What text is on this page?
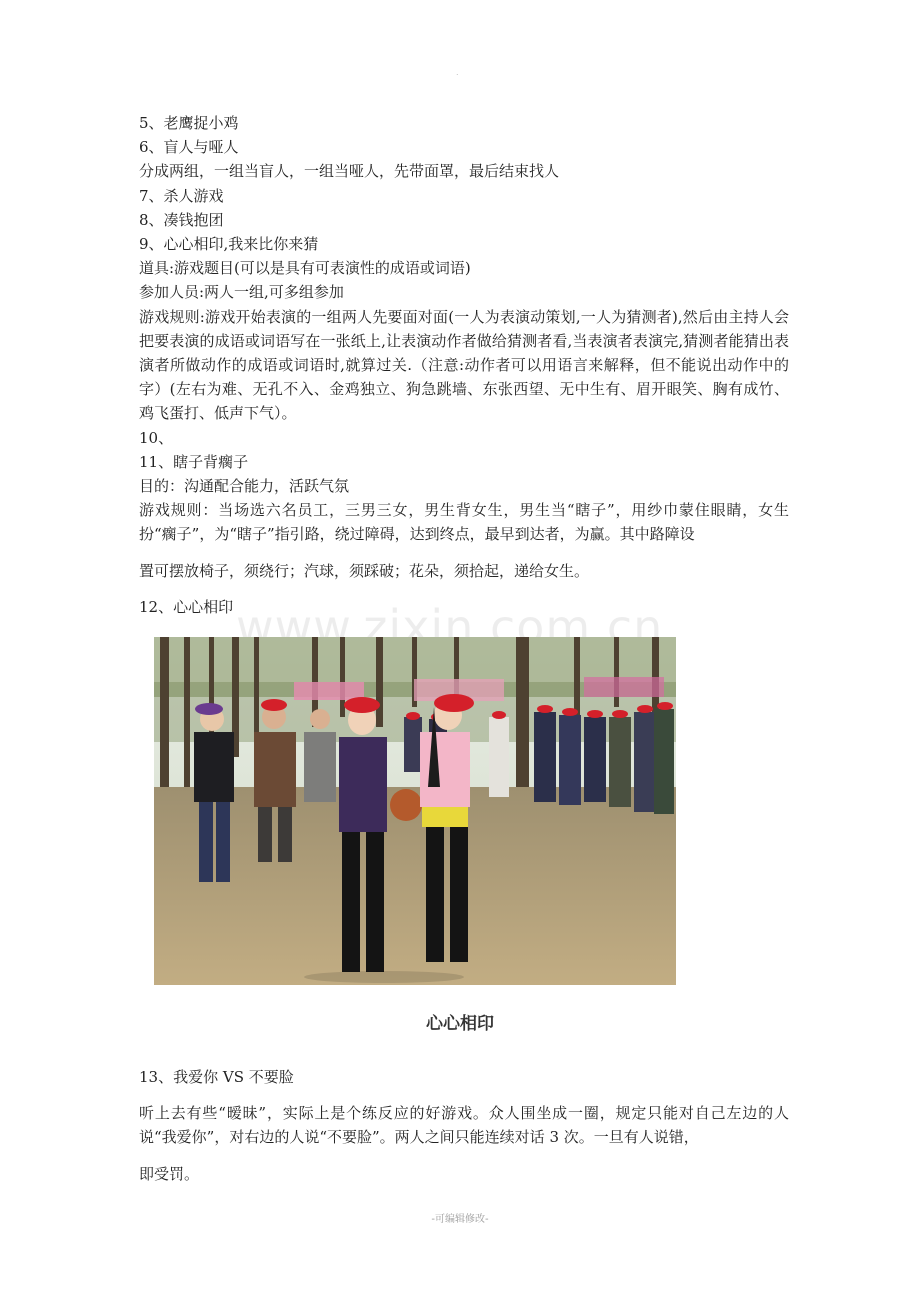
.

5、老鹰捉小鸡

6、盲人与哑人

分成两组，一组当盲人，一组当哑人，先带面罩，最后结束找人

7、杀人游戏

8、凑钱抱团

9、心心相印,我来比你来猜

道具:游戏题目(可以是具有可表演性的成语或词语)

参加人员:两人一组,可多组参加

游戏规则:游戏开始表演的一组两人先要面对面(一人为表演动策划,一人为猜测者),然后由主持人会把要表演的成语或词语写在一张纸上,让表演动作者做给猜测者看,当表演者表演完,猜测者能猜出表演者所做动作的成语或词语时,就算过关.（注意:动作者可以用语言来解释，但不能说出动作中的字）(左右为难、无孔不入、金鸡独立、狗急跳墙、东张西望、无中生有、眉开眼笑、胸有成竹、鸡飞蛋打、低声下气）。

10、

11、瞎子背瘸子

目的：沟通配合能力，活跃气氛

游戏规则：当场选六名员工，三男三女，男生背女生，男生当“瞎子”，用纱巾蒙住眼睛，女生扮“瘸子”，为“瞎子”指引路，绕过障碍，达到终点，最早到达者，为赢。其中路障设

置可摆放椅子，须绕行；汽球，须踩破；花朵，须拾起，递给女生。

12、心心相印 www.zixin.com.cn
心心相印

13、我爱你 VS 不要脸

听上去有些“暧昧”，实际上是个练反应的好游戏。众人围坐成一圈，规定只能对自己左边的人说“我爱你”，对右边的人说“不要脸”。两人之间只能连续对话 3 次。一旦有人说错，

即受罚。

-可编辑修改-
